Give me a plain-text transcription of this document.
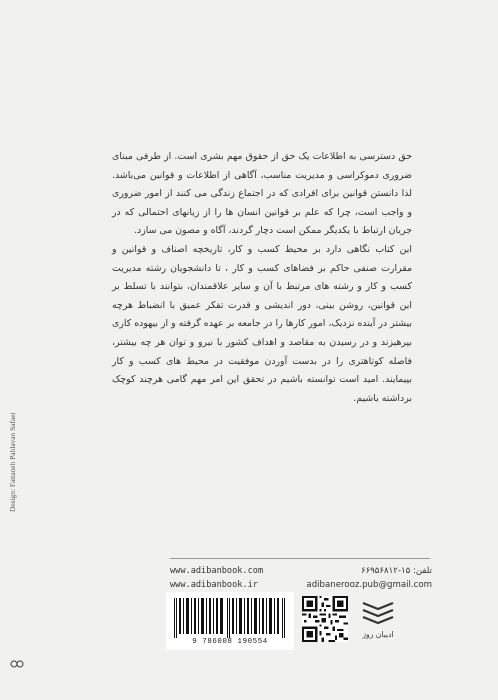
حق دسترسی به اطلاعات یک حق از حقوق مهم بشری است. از طرفی مبنای ضروری دموکراسی و مدیریت مناسب، آگاهی از اطلاعات و قوانین می‌باشد. لذا دانستن قوانین برای افرادی که در اجتماع زندگی می کنند از امور ضروری و واجب است، چرا که علم بر قوانین انسان ها را از زیانهای احتمالی که در جریان ارتباط با یکدیگر ممکن است دچار گردند، آگاه و مصون می سازد.

این کتاب نگاهی دارد بر محیط کسب و کار، تاریخچه اصناف و قوانین و مقرارت صنفی حاکم بر فضاهای کسب و کار ، تا دانشجویان رشته مدیریت کسب و کار و رشته های مرتبط با آن و سایر علاقمندان، بتوانند با تسلط بر این قوانین، روشن بینی، دور اندیشی و قدرت تفکر عمیق با انضباط هرچه بیشتر در آینده نزدیک، امور کارها را در جامعه بر عهده گرفته و از بیهوده کاری بپرهیزند و در رسیدن به مقاصد و اهداف کشور با نیرو و توان هر چه بیشتر، فاصله کوتاهتری را در بدست آوردن موفقیت در محیط های کسب و کار بپیمایند. امید است توانسته باشیم در تحقق این امر مهم گامی هرچند کوچک برداشته باشیم.

www.adibanbook.com
www.adibanbook.ir
تلفن: ۱۵-۶۶۹۵۶۸۱۲
adibanerooz.pub@gmail.com
9 786008 190554
ادیبان روز
Design: Fattaneh Pahlavan Safaei
